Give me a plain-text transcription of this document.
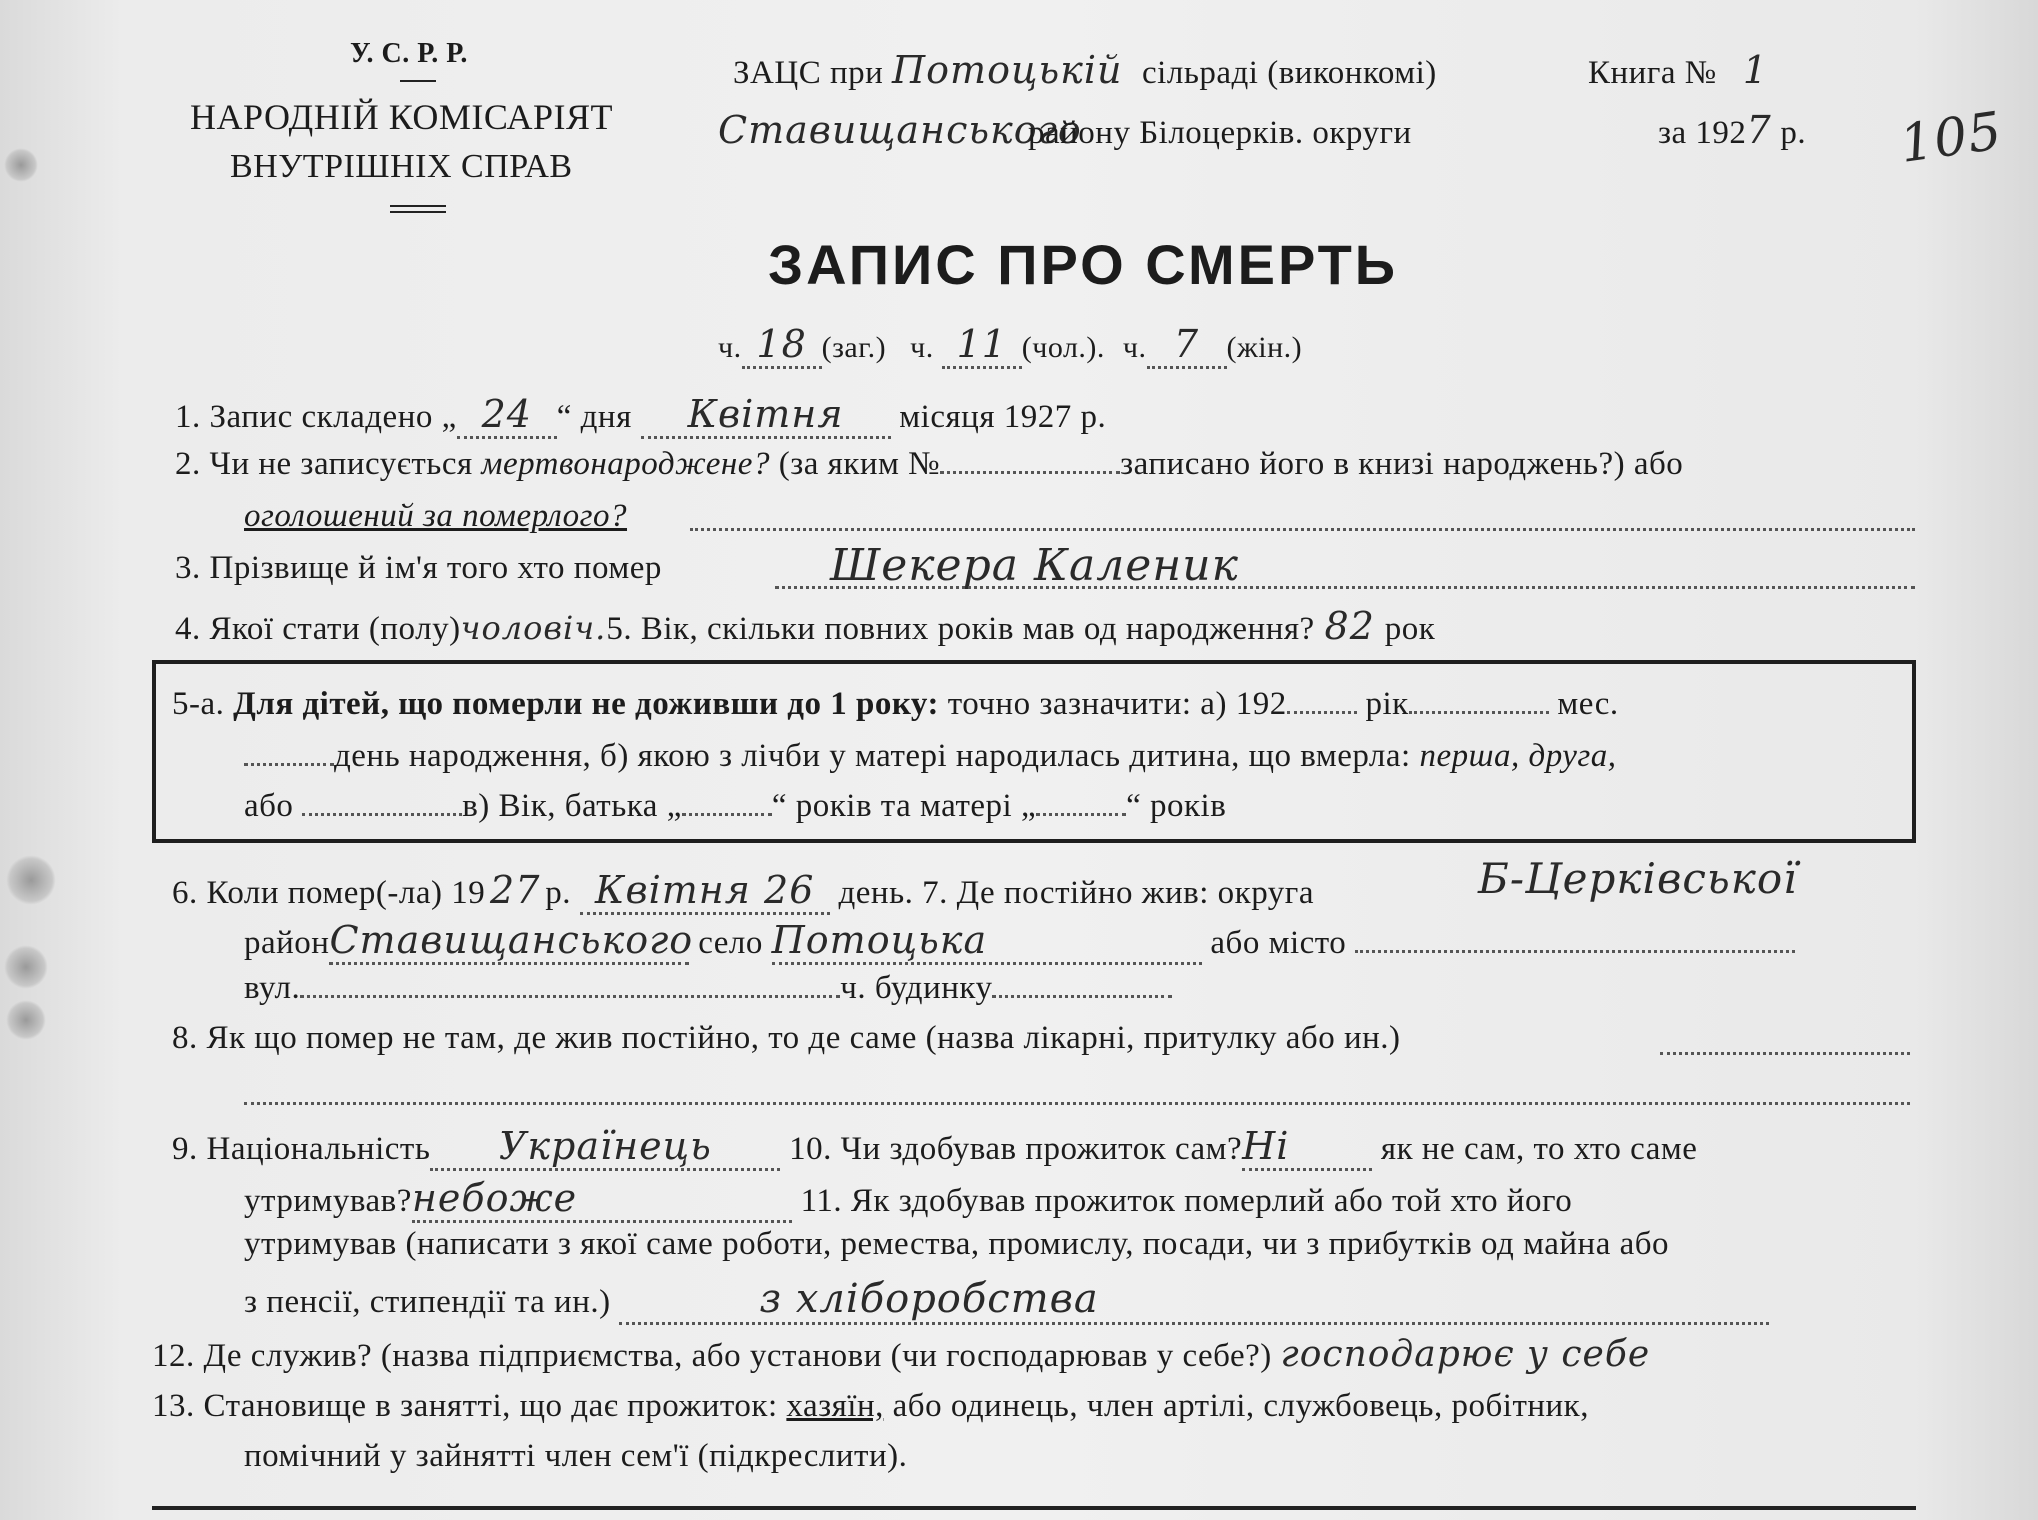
У. С. Р. Р.
НАРОДНІЙ КОМІСАРІЯТ
ВНУТРІШНІХ СПРАВ
ЗАЦС при Потоцькій сільраді (виконкомі)
Ставищанськогорайону Білоцерків. округи
Книга № 1
за 1927 р. 105
ЗАПИС ПРО СМЕРТЬ
ч. 18 (заг.) ч. 11 (чол.). ч. 7 (жін.)
1. Запис складено „ 24 “ дня Квітня місяця 1927 р.
2. Чи не записується мертвонароджене? (за яким №	записано його в книзі народжень?) або
оголошений за померлого?
3. Прізвище й ім'я того хто помер	Шекера Каленик
4. Якої стати (полу)чоловіч.5. Вік, скільки повних років мав од народження? 82 рок
5-а. Для дітей, що померли не доживши до 1 року: точно зазначити: а) 192 рік	мес.
день народження, б) якою з лічби у матері народилась дитина, що вмерла: перша, друга,
або	в) Вік, батька „	“ років та матері „	“ років
6. Коли помер(-ла) 19 27 р. Квітня 26 день. 7. Де постійно жив: округа	Б-Церківської
районСтавищанського село Потоцька	або місто
вул.	ч. будинку
8. Як що помер не там, де жив постійно, то де саме (назва лікарні, притулку або ин.)
9. Національність Українець 10. Чи здобував прожиток сам?Ні	як не сам, то хто саме
утримував?небоже	11. Як здобував прожиток померлий або той хто його
утримував (написати з якої саме роботи, ремества, промислу, посади, чи з прибутків од майна або
з пенсії, стипендії та ин.)	з хліборобства
12. Де служив? (назва підприємства, або установи (чи господарював у себе?) господарює у себе
13. Становище в занятті, що дає прожиток: хазяїн, або одинець, член артілі, службовець, робітник,
помічний у зайнятті член сем'ї (підкреслити).
